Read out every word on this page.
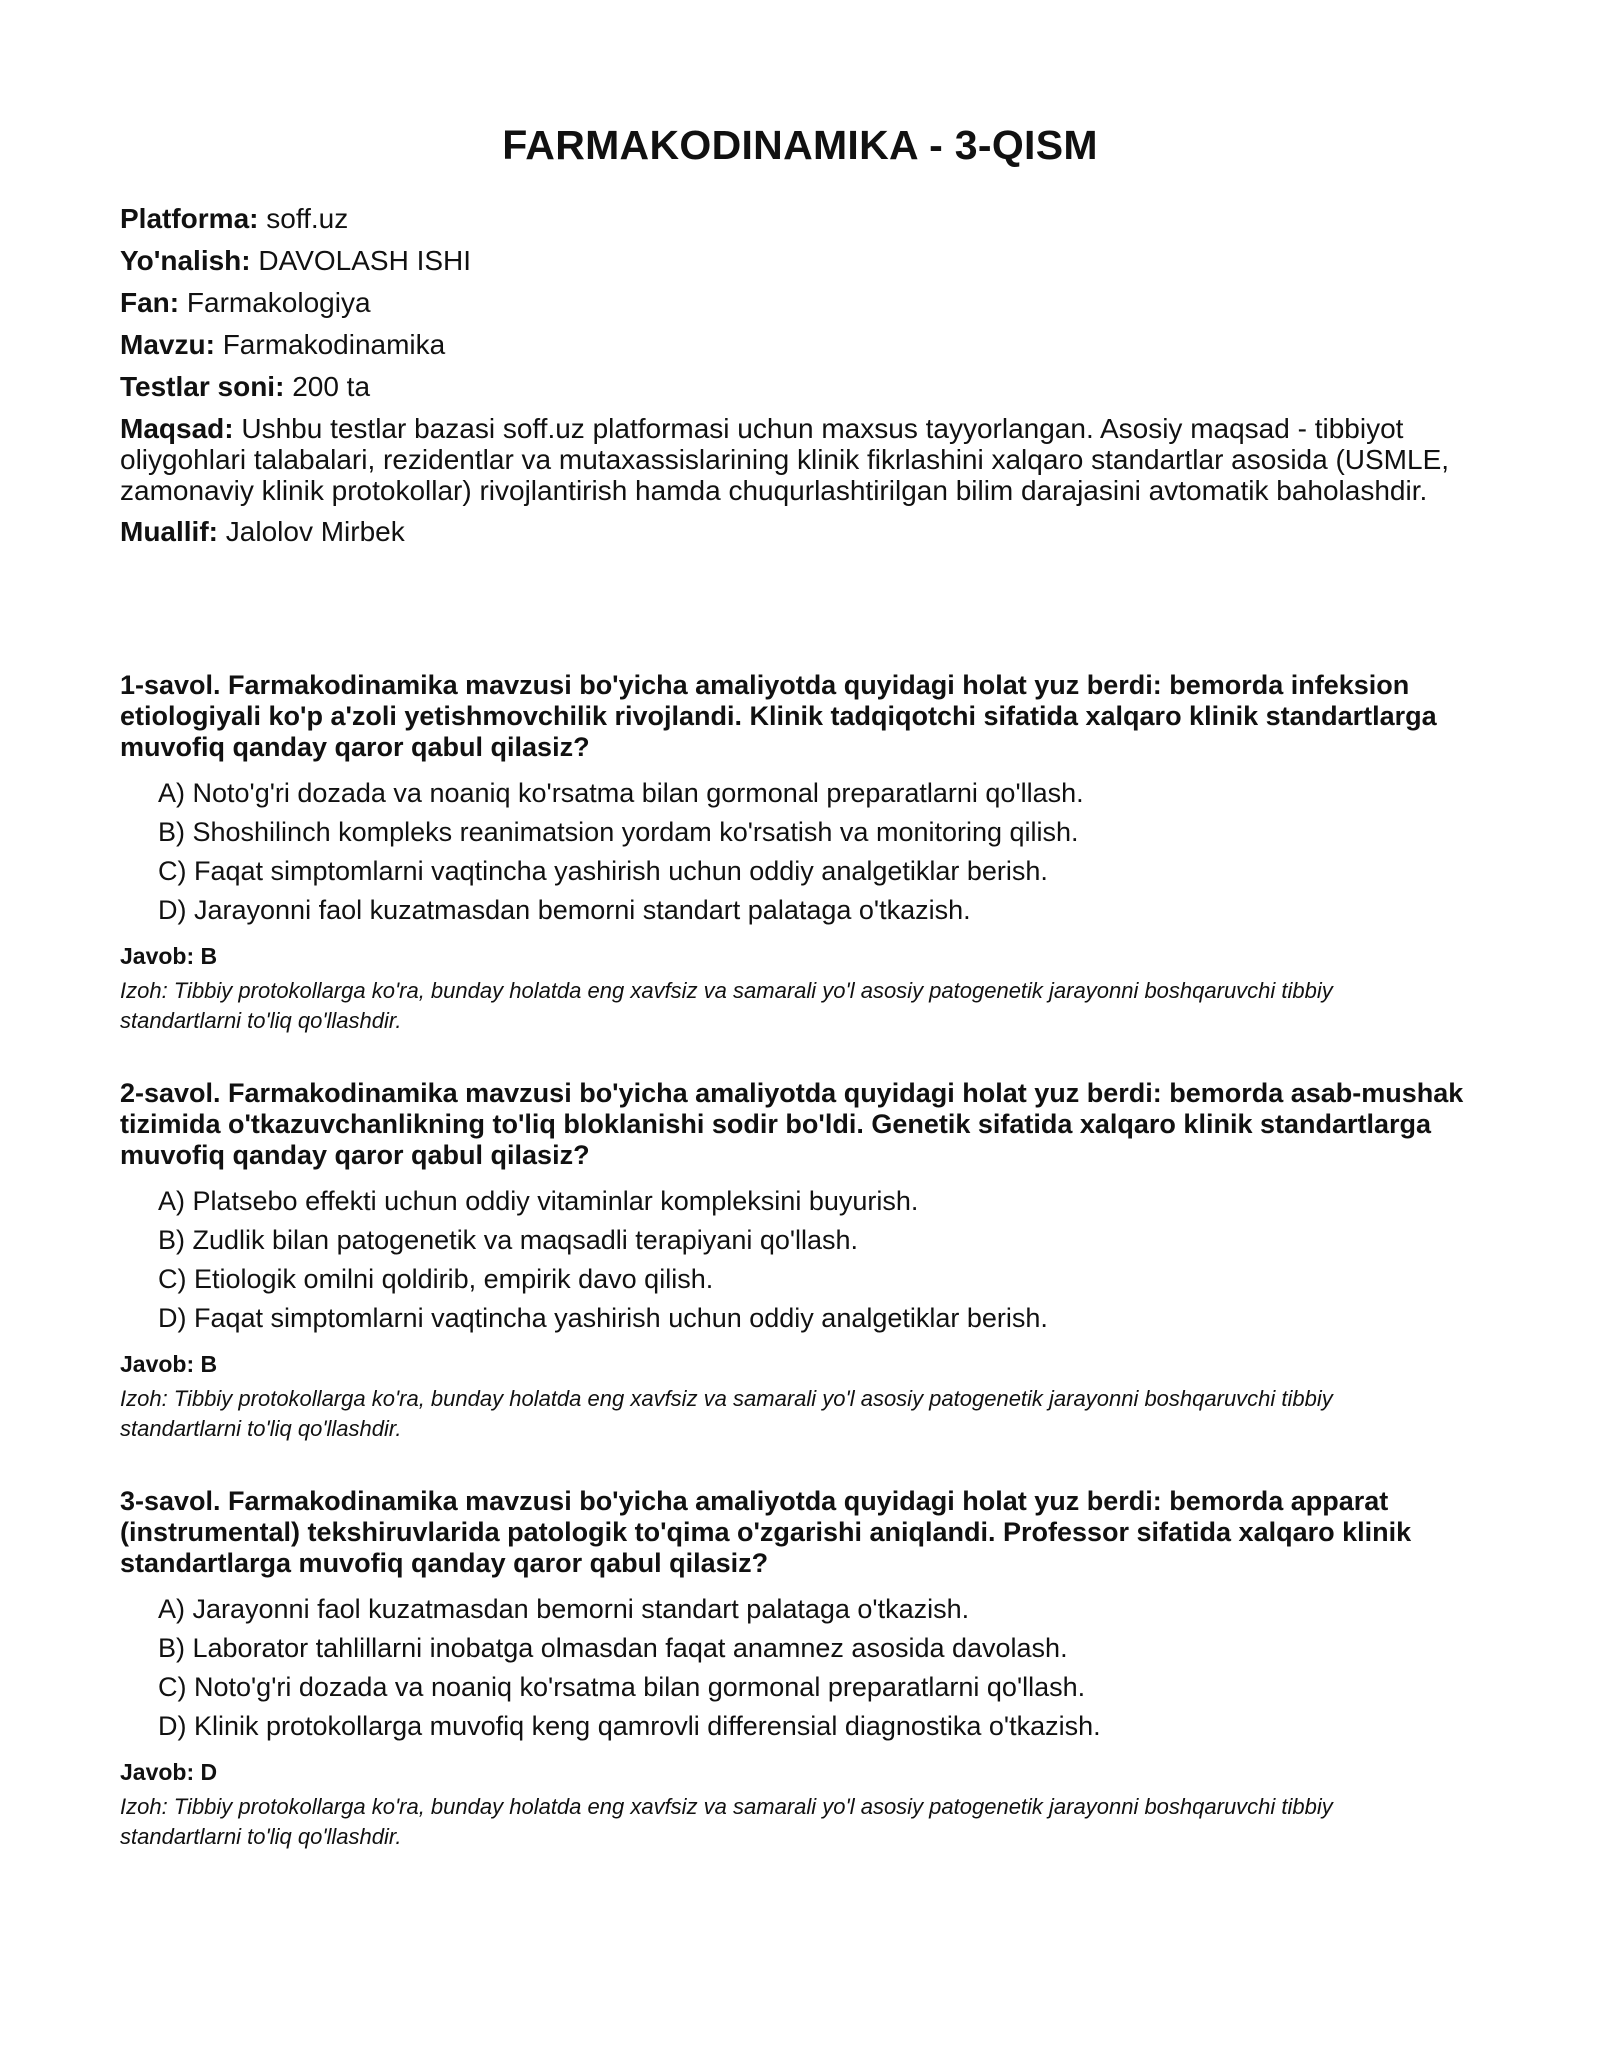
FARMAKODINAMIKA - 3-QISM

Platforma: soff.uz

Yo'nalish: DAVOLASH ISHI

Fan: Farmakologiya

Mavzu: Farmakodinamika

Testlar soni: 200 ta

Maqsad: Ushbu testlar bazasi soff.uz platformasi uchun maxsus tayyorlangan. Asosiy maqsad - tibbiyot oliygohlari talabalari, rezidentlar va mutaxassislarining klinik fikrlashini xalqaro standartlar asosida (USMLE, zamonaviy klinik protokollar) rivojlantirish hamda chuqurlashtirilgan bilim darajasini avtomatik baholashdir.

Muallif: Jalolov Mirbek

1-savol. Farmakodinamika mavzusi bo'yicha amaliyotda quyidagi holat yuz berdi: bemorda infeksion etiologiyali ko'p a'zoli yetishmovchilik rivojlandi. Klinik tadqiqotchi sifatida xalqaro klinik standartlarga muvofiq qanday qaror qabul qilasiz?

A) Noto'g'ri dozada va noaniq ko'rsatma bilan gormonal preparatlarni qo'llash.
B) Shoshilinch kompleks reanimatsion yordam ko'rsatish va monitoring qilish.
C) Faqat simptomlarni vaqtincha yashirish uchun oddiy analgetiklar berish.
D) Jarayonni faol kuzatmasdan bemorni standart palataga o'tkazish.

Javob: B

Izoh: Tibbiy protokollarga ko'ra, bunday holatda eng xavfsiz va samarali yo'l asosiy patogenetik jarayonni boshqaruvchi tibbiy standartlarni to'liq qo'llashdir.

2-savol. Farmakodinamika mavzusi bo'yicha amaliyotda quyidagi holat yuz berdi: bemorda asab-mushak tizimida o'tkazuvchanlikning to'liq bloklanishi sodir bo'ldi. Genetik sifatida xalqaro klinik standartlarga muvofiq qanday qaror qabul qilasiz?

A) Platsebo effekti uchun oddiy vitaminlar kompleksini buyurish.
B) Zudlik bilan patogenetik va maqsadli terapiyani qo'llash.
C) Etiologik omilni qoldirib, empirik davo qilish.
D) Faqat simptomlarni vaqtincha yashirish uchun oddiy analgetiklar berish.

Javob: B

Izoh: Tibbiy protokollarga ko'ra, bunday holatda eng xavfsiz va samarali yo'l asosiy patogenetik jarayonni boshqaruvchi tibbiy standartlarni to'liq qo'llashdir.

3-savol. Farmakodinamika mavzusi bo'yicha amaliyotda quyidagi holat yuz berdi: bemorda apparat (instrumental) tekshiruvlarida patologik to'qima o'zgarishi aniqlandi. Professor sifatida xalqaro klinik standartlarga muvofiq qanday qaror qabul qilasiz?

A) Jarayonni faol kuzatmasdan bemorni standart palataga o'tkazish.
B) Laborator tahlillarni inobatga olmasdan faqat anamnez asosida davolash.
C) Noto'g'ri dozada va noaniq ko'rsatma bilan gormonal preparatlarni qo'llash.
D) Klinik protokollarga muvofiq keng qamrovli differensial diagnostika o'tkazish.

Javob: D

Izoh: Tibbiy protokollarga ko'ra, bunday holatda eng xavfsiz va samarali yo'l asosiy patogenetik jarayonni boshqaruvchi tibbiy standartlarni to'liq qo'llashdir.
